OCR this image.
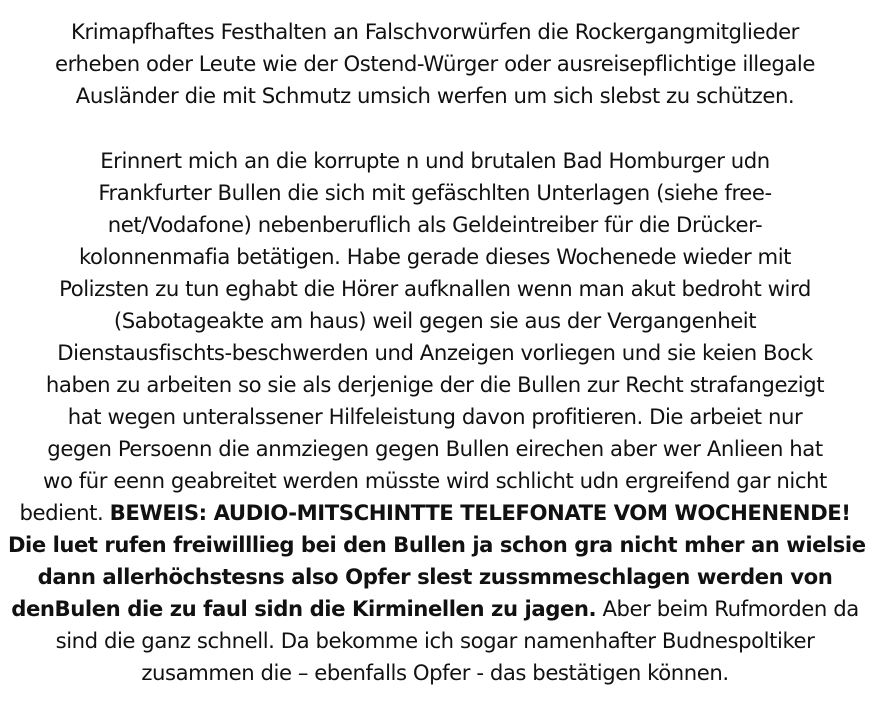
Krimapfhaftes Festhalten an Falschvorwürfen die Rockergangmitglieder
erheben oder Leute wie der Ostend-Würger oder ausreisepflichtige illegale
Ausländer die mit Schmutz umsich werfen um sich slebst zu schützen.
Erinnert mich an die korrupte n und brutalen Bad Homburger udn
Frankfurter Bullen die sich mit gefäschlten Unterlagen (siehe free-
net/Vodafone) nebenberuflich als Geldeintreiber für die Drücker-
kolonnenmafia betätigen. Habe gerade dieses Wochenede wieder mit
Polizsten zu tun eghabt die Hörer aufknallen wenn man akut bedroht wird
(Sabotageakte am haus) weil gegen sie aus der Vergangenheit
Dienstausfischts-beschwerden und Anzeigen vorliegen und sie keien Bock
haben zu arbeiten so sie als derjenige der die Bullen zur Recht strafangezigt
hat wegen unteralssener Hilfeleistung davon profitieren. Die arbeiet nur
gegen Persoenn die anmziegen gegen Bullen eirechen aber wer Anlieen hat
wo für eenn geabreitet werden müsste wird schlicht udn ergreifend gar nicht
bedient. BEWEIS: AUDIO-MITSCHINTTE TELEFONATE VOM WOCHENENDE!
Die luet rufen freiwilllieg bei den Bullen ja schon gra nicht mher an wielsie
dann allerhöchstesns also Opfer slest zussmmeschlagen werden von
denBulen die zu faul sidn die Kirminellen zu jagen. Aber beim Rufmorden da
sind die ganz schnell. Da bekomme ich sogar namenhafter Budnespoltiker
zusammen die – ebenfalls Opfer - das bestätigen können.
